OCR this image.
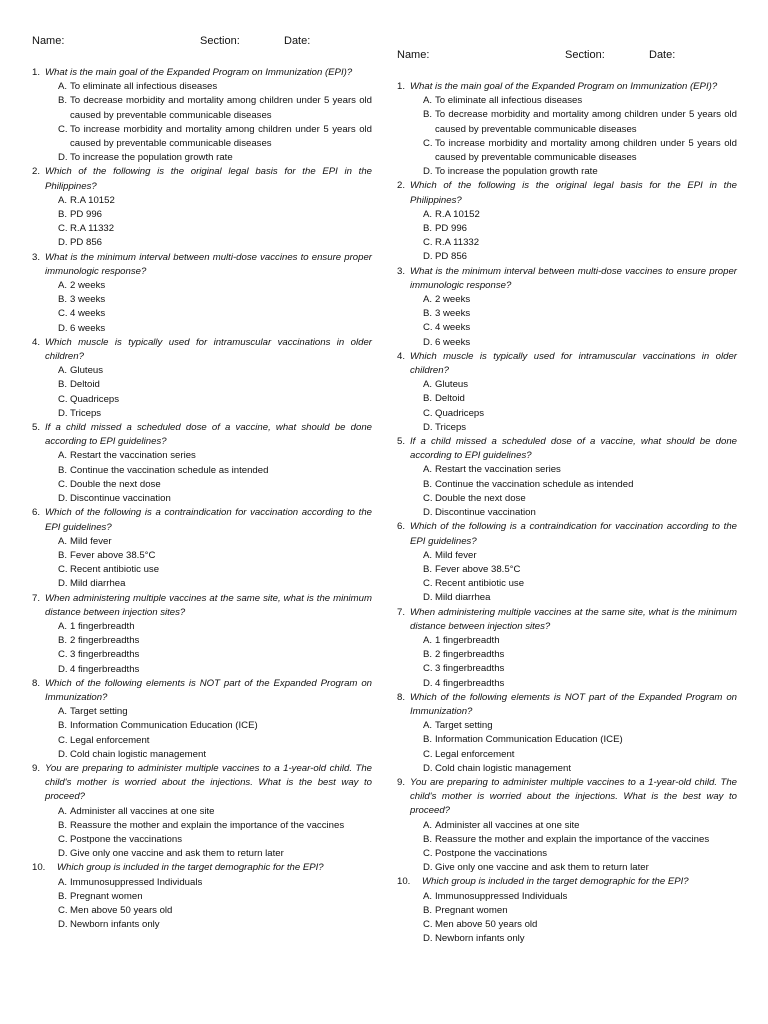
Name:	Section:	Date:
1. What is the main goal of the Expanded Program on Immunization (EPI)?
A. To eliminate all infectious diseases
B. To decrease morbidity and mortality among children under 5 years old caused by preventable communicable diseases
C. To increase morbidity and mortality among children under 5 years old caused by preventable communicable diseases
D. To increase the population growth rate
2. Which of the following is the original legal basis for the EPI in the Philippines?
A. R.A 10152
B. PD 996
C. R.A 11332
D. PD 856
3. What is the minimum interval between multi-dose vaccines to ensure proper immunologic response?
A. 2 weeks
B. 3 weeks
C. 4 weeks
D. 6 weeks
4. Which muscle is typically used for intramuscular vaccinations in older children?
A. Gluteus
B. Deltoid
C. Quadriceps
D. Triceps
5. If a child missed a scheduled dose of a vaccine, what should be done according to EPI guidelines?
A. Restart the vaccination series
B. Continue the vaccination schedule as intended
C. Double the next dose
D. Discontinue vaccination
6. Which of the following is a contraindication for vaccination according to the EPI guidelines?
A. Mild fever
B. Fever above 38.5°C
C. Recent antibiotic use
D. Mild diarrhea
7. When administering multiple vaccines at the same site, what is the minimum distance between injection sites?
A. 1 fingerbreadth
B. 2 fingerbreadths
C. 3 fingerbreadths
D. 4 fingerbreadths
8. Which of the following elements is NOT part of the Expanded Program on Immunization?
A. Target setting
B. Information Communication Education (ICE)
C. Legal enforcement
D. Cold chain logistic management
9. You are preparing to administer multiple vaccines to a 1-year-old child. The child's mother is worried about the injections. What is the best way to proceed?
A. Administer all vaccines at one site
B. Reassure the mother and explain the importance of the vaccines
C. Postpone the vaccinations
D. Give only one vaccine and ask them to return later
10.	Which group is included in the target demographic for the EPI?
A. Immunosuppressed Individuals
B. Pregnant women
C. Men above 50 years old
D. Newborn infants only
Name:	Section:	Date:
1. What is the main goal of the Expanded Program on Immunization (EPI)?
A. To eliminate all infectious diseases
B. To decrease morbidity and mortality among children under 5 years old caused by preventable communicable diseases
C. To increase morbidity and mortality among children under 5 years old caused by preventable communicable diseases
D. To increase the population growth rate
2. Which of the following is the original legal basis for the EPI in the Philippines?
A. R.A 10152
B. PD 996
C. R.A 11332
D. PD 856
3. What is the minimum interval between multi-dose vaccines to ensure proper immunologic response?
A. 2 weeks
B. 3 weeks
C. 4 weeks
D. 6 weeks
4. Which muscle is typically used for intramuscular vaccinations in older children?
A. Gluteus
B. Deltoid
C. Quadriceps
D. Triceps
5. If a child missed a scheduled dose of a vaccine, what should be done according to EPI guidelines?
A. Restart the vaccination series
B. Continue the vaccination schedule as intended
C. Double the next dose
D. Discontinue vaccination
6. Which of the following is a contraindication for vaccination according to the EPI guidelines?
A. Mild fever
B. Fever above 38.5°C
C. Recent antibiotic use
D. Mild diarrhea
7. When administering multiple vaccines at the same site, what is the minimum distance between injection sites?
A. 1 fingerbreadth
B. 2 fingerbreadths
C. 3 fingerbreadths
D. 4 fingerbreadths
8. Which of the following elements is NOT part of the Expanded Program on Immunization?
A. Target setting
B. Information Communication Education (ICE)
C. Legal enforcement
D. Cold chain logistic management
9. You are preparing to administer multiple vaccines to a 1-year-old child. The child's mother is worried about the injections. What is the best way to proceed?
A. Administer all vaccines at one site
B. Reassure the mother and explain the importance of the vaccines
C. Postpone the vaccinations
D. Give only one vaccine and ask them to return later
10.	Which group is included in the target demographic for the EPI?
A. Immunosuppressed Individuals
B. Pregnant women
C. Men above 50 years old
D. Newborn infants only
